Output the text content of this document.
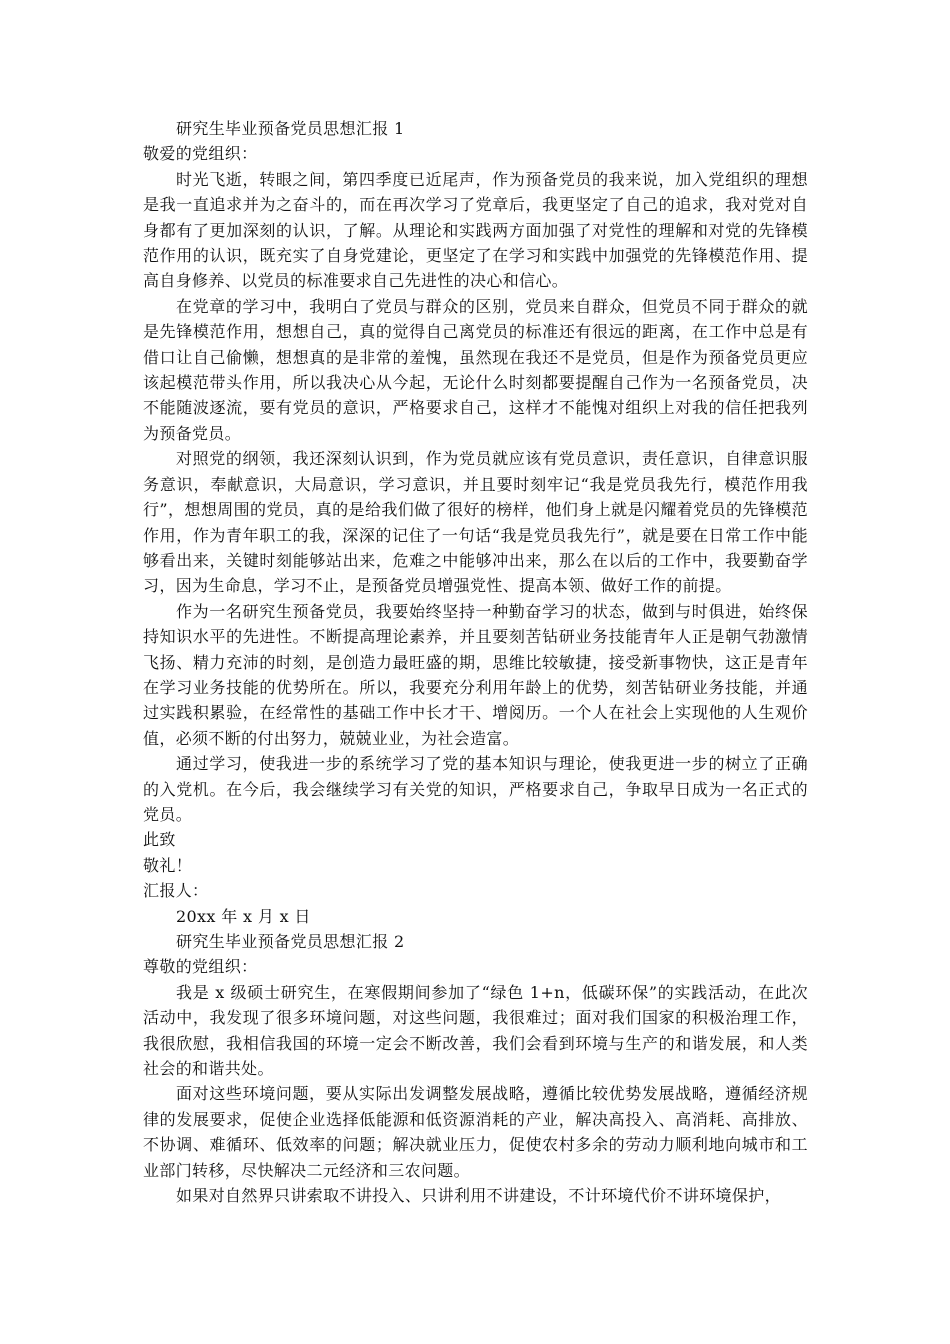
研究生毕业预备党员思想汇报 1
敬爱的党组织：

时光飞逝，转眼之间，第四季度已近尾声，作为预备党员的我来说，加入党组织的理想是我一直追求并为之奋斗的，而在再次学习了党章后，我更坚定了自己的追求，我对党对自身都有了更加深刻的认识，了解。从理论和实践两方面加强了对党性的理解和对党的先锋模范作用的认识，既充实了自身党建论，更坚定了在学习和实践中加强党的先锋模范作用、提高自身修养、以党员的标准要求自己先进性的决心和信心。

在党章的学习中，我明白了党员与群众的区别，党员来自群众，但党员不同于群众的就是先锋模范作用，想想自己，真的觉得自己离党员的标准还有很远的距离，在工作中总是有借口让自己偷懒，想想真的是非常的羞愧，虽然现在我还不是党员，但是作为预备党员更应该起模范带头作用，所以我决心从今起，无论什么时刻都要提醒自己作为一名预备党员，决不能随波逐流，要有党员的意识，严格要求自己，这样才不能愧对组织上对我的信任把我列为预备党员。

对照党的纲领，我还深刻认识到，作为党员就应该有党员意识，责任意识，自律意识服务意识，奉献意识，大局意识，学习意识，并且要时刻牢记“我是党员我先行，模范作用我行”，想想周围的党员，真的是给我们做了很好的榜样，他们身上就是闪耀着党员的先锋模范作用，作为青年职工的我，深深的记住了一句话“我是党员我先行”，就是要在日常工作中能够看出来，关键时刻能够站出来，危难之中能够冲出来，那么在以后的工作中，我要勤奋学习，因为生命息，学习不止，是预备党员增强党性、提高本领、做好工作的前提。

作为一名研究生预备党员，我要始终坚持一种勤奋学习的状态，做到与时俱进，始终保持知识水平的先进性。不断提高理论素养，并且要刻苦钻研业务技能青年人正是朝气勃激情飞扬、精力充沛的时刻，是创造力最旺盛的期，思维比较敏捷，接受新事物快，这正是青年在学习业务技能的优势所在。所以，我要充分利用年龄上的优势，刻苦钻研业务技能，并通过实践积累验，在经常性的基础工作中长才干、增阅历。一个人在社会上实现他的人生观价值，必须不断的付出努力，兢兢业业，为社会造富。

通过学习，使我进一步的系统学习了党的基本知识与理论，使我更进一步的树立了正确的入党机。在今后，我会继续学习有关党的知识，严格要求自己，争取早日成为一名正式的党员。

此致
敬礼！
汇报人：
20xx 年 x 月 x 日
研究生毕业预备党员思想汇报 2
尊敬的党组织：

我是 x 级硕士研究生，在寒假期间参加了“绿色 1+n，低碳环保”的实践活动，在此次活动中，我发现了很多环境问题，对这些问题，我很难过；面对我们国家的积极治理工作，我很欣慰，我相信我国的环境一定会不断改善，我们会看到环境与生产的和谐发展，和人类社会的和谐共处。

面对这些环境问题，要从实际出发调整发展战略，遵循比较优势发展战略，遵循经济规律的发展要求，促使企业选择低能源和低资源消耗的产业，解决高投入、高消耗、高排放、不协调、难循环、低效率的问题；解决就业压力，促使农村多余的劳动力顺利地向城市和工业部门转移，尽快解决二元经济和三农问题。

如果对自然界只讲索取不讲投入、只讲利用不讲建设，不计环境代价不讲环境保护，
